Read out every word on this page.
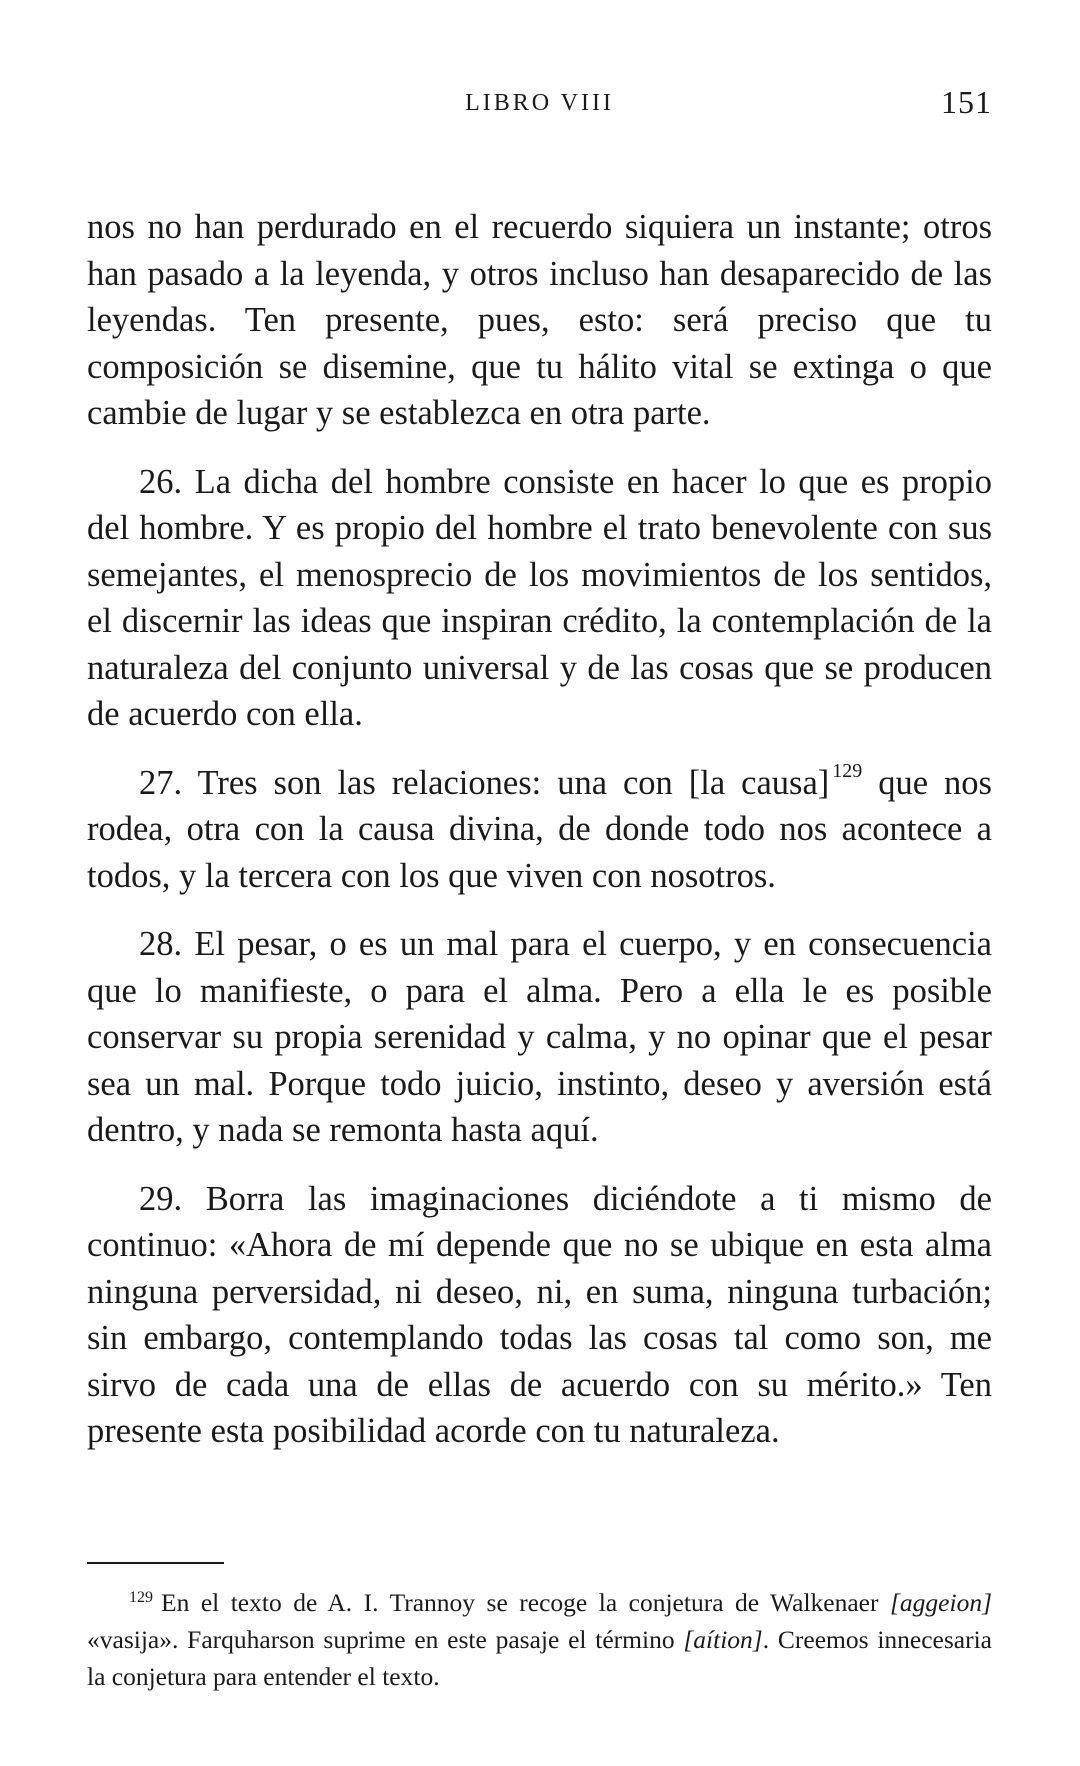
LIBRO VIII	151

nos no han perdurado en el recuerdo siquiera un instante; otros han pasado a la leyenda, y otros incluso han desaparecido de las leyendas. Ten presente, pues, esto: será preciso que tu composición se disemine, que tu hálito vital se extinga o que cambie de lugar y se establezca en otra parte.

26. La dicha del hombre consiste en hacer lo que es propio del hombre. Y es propio del hombre el trato benevolente con sus semejantes, el menosprecio de los movimientos de los sentidos, el discernir las ideas que inspiran crédito, la contemplación de la naturaleza del conjunto universal y de las cosas que se producen de acuerdo con ella.

27. Tres son las relaciones: una con [la causa] $^{129}$ que nos rodea, otra con la causa divina, de donde todo nos acontece a todos, y la tercera con los que viven con nosotros.

28. El pesar, o es un mal para el cuerpo, y en consecuencia que lo manifieste, o para el alma. Pero a ella le es posible conservar su propia serenidad y calma, y no opinar que el pesar sea un mal. Porque todo juicio, instinto, deseo y aversión está dentro, y nada se remonta hasta aquí.

29. Borra las imaginaciones diciéndote a ti mismo de continuo: «Ahora de mí depende que no se ubique en esta alma ninguna perversidad, ni deseo, ni, en suma, ninguna turbación; sin embargo, contemplando todas las cosas tal como son, me sirvo de cada una de ellas de acuerdo con su mérito.» Ten presente esta posibilidad acorde con tu naturaleza.

$^{129}$ En el texto de A. I. Trannoy se recoge la conjetura de Walkenaer [aggeion] «vasija». Farquharson suprime en este pasaje el término [aítion]. Creemos innecesaria la conjetura para entender el texto.
